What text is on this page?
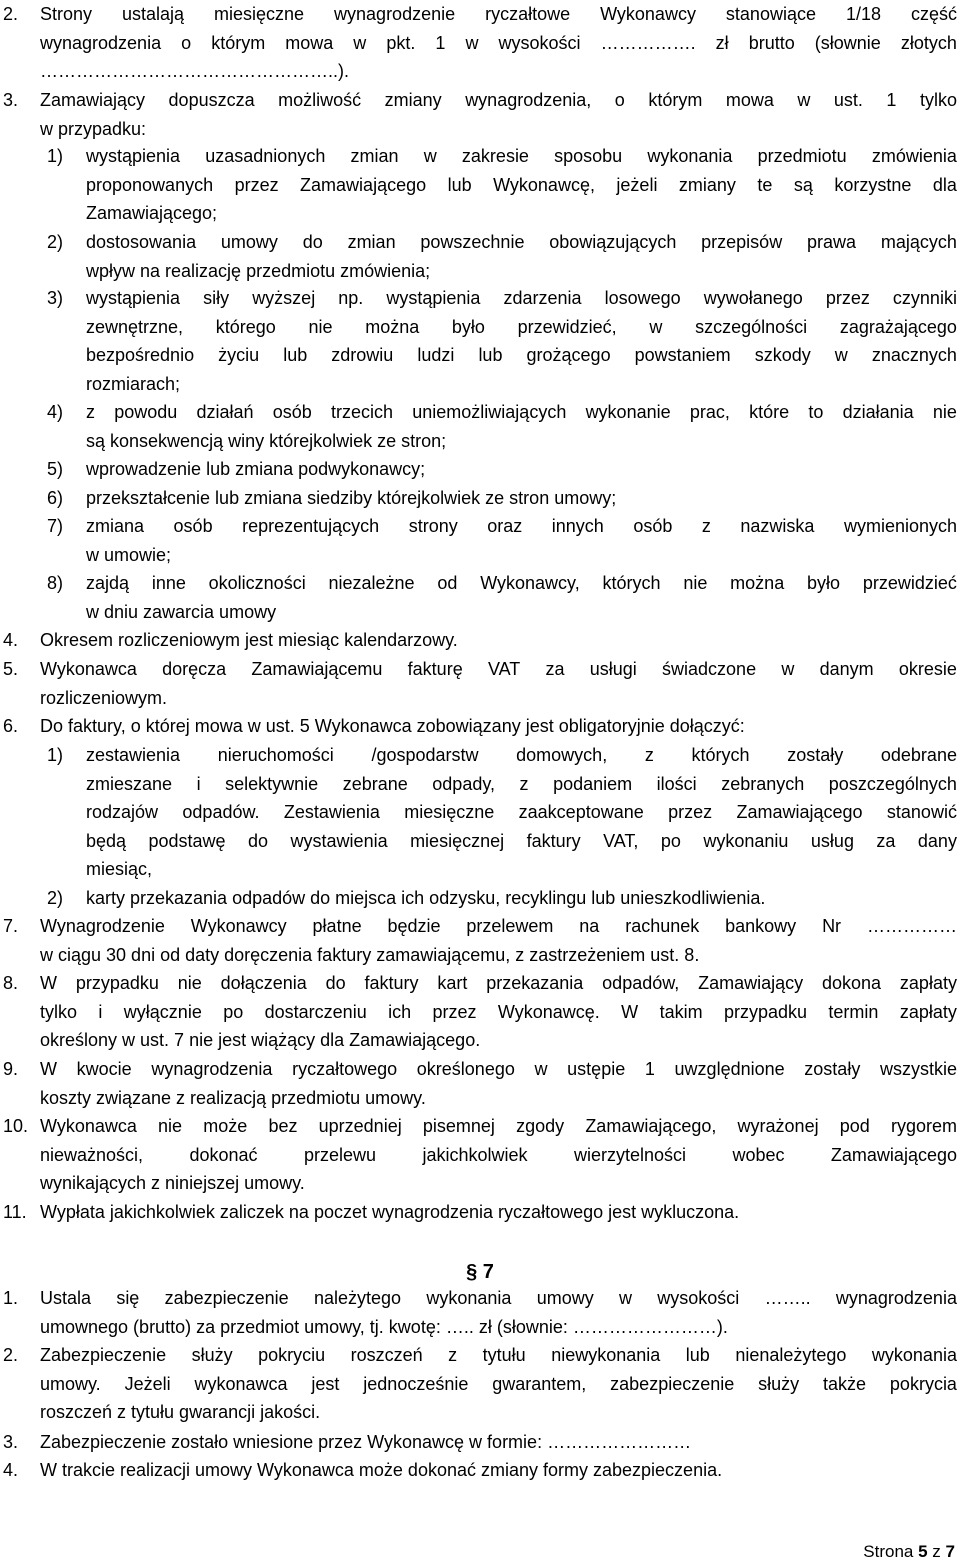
2. Strony ustalają miesięczne wynagrodzenie ryczałtowe Wykonawcy stanowiące 1/18 część
wynagrodzenia o którym mowa w pkt. 1 w wysokości ……………. zł brutto (słownie złotych
…………………………………………..).
3. Zamawiający dopuszcza możliwość zmiany wynagrodzenia, o którym mowa w ust. 1 tylko
w przypadku:
1) wystąpienia uzasadnionych zmian w zakresie sposobu wykonania przedmiotu zmówienia
proponowanych przez Zamawiającego lub Wykonawcę, jeżeli zmiany te są korzystne dla
Zamawiającego;
2) dostosowania umowy do zmian powszechnie obowiązujących przepisów prawa mających
wpływ na realizację przedmiotu zmówienia;
3) wystąpienia siły wyższej np. wystąpienia zdarzenia losowego wywołanego przez czynniki
zewnętrzne, którego nie można było przewidzieć, w szczególności zagrażającego
bezpośrednio życiu lub zdrowiu ludzi lub grożącego powstaniem szkody w znacznych
rozmiarach;
4) z powodu działań osób trzecich uniemożliwiających wykonanie prac, które to działania nie
są konsekwencją winy którejkolwiek ze stron;
5) wprowadzenie lub zmiana podwykonawcy;
6) przekształcenie lub zmiana siedziby którejkolwiek ze stron umowy;
7) zmiana osób reprezentujących strony oraz innych osób z nazwiska wymienionych
w umowie;
8) zajdą inne okoliczności niezależne od Wykonawcy, których nie można było przewidzieć
w dniu zawarcia umowy
4. Okresem rozliczeniowym jest miesiąc kalendarzowy.
5. Wykonawca doręcza Zamawiającemu fakturę VAT za usługi świadczone w danym okresie
rozliczeniowym.
6. Do faktury, o której mowa w ust. 5 Wykonawca zobowiązany jest obligatoryjnie dołączyć:
1) zestawienia nieruchomości /gospodarstw domowych, z których zostały odebrane
zmieszane i selektywnie zebrane odpady, z podaniem ilości zebranych poszczególnych
rodzajów odpadów. Zestawienia miesięczne zaakceptowane przez Zamawiającego stanowić
będą podstawę do wystawienia miesięcznej faktury VAT, po wykonaniu usług za dany
miesiąc,
2) karty przekazania odpadów do miejsca ich odzysku, recyklingu lub unieszkodliwienia.
7. Wynagrodzenie Wykonawcy płatne będzie przelewem na rachunek bankowy Nr ……………
w ciągu 30 dni od daty doręczenia faktury zamawiającemu, z zastrzeżeniem ust. 8.
8. W przypadku nie dołączenia do faktury kart przekazania odpadów, Zamawiający dokona zapłaty
tylko i wyłącznie po dostarczeniu ich przez Wykonawcę. W takim przypadku termin zapłaty
określony w ust. 7 nie jest wiążący dla Zamawiającego.
9. W kwocie wynagrodzenia ryczałtowego określonego w ustępie 1 uwzględnione zostały wszystkie
koszty związane z realizacją przedmiotu umowy.
10. Wykonawca nie może bez uprzedniej pisemnej zgody Zamawiającego, wyrażonej pod rygorem
nieważności,	dokonać	przelewu	jakichkolwiek	wierzytelności	wobec	Zamawiającego
wynikających z niniejszej umowy.
11. Wypłata jakichkolwiek zaliczek na poczet wynagrodzenia ryczałtowego jest wykluczona.
1. Ustala się zabezpieczenie należytego wykonania umowy w wysokości …….. wynagrodzenia
umownego (brutto) za przedmiot umowy, tj. kwotę: ….. zł (słownie: ……………………).
2. Zabezpieczenie służy pokryciu roszczeń z tytułu niewykonania lub nienależytego wykonania
umowy. Jeżeli wykonawca jest jednocześnie gwarantem, zabezpieczenie służy także pokrycia
roszczeń z tytułu gwarancji jakości.
3. Zabezpieczenie zostało wniesione przez Wykonawcę w formie: ……………………
4. W trakcie realizacji umowy Wykonawca może dokonać zmiany formy zabezpieczenia.
§ 7
Strona 5 z 7
